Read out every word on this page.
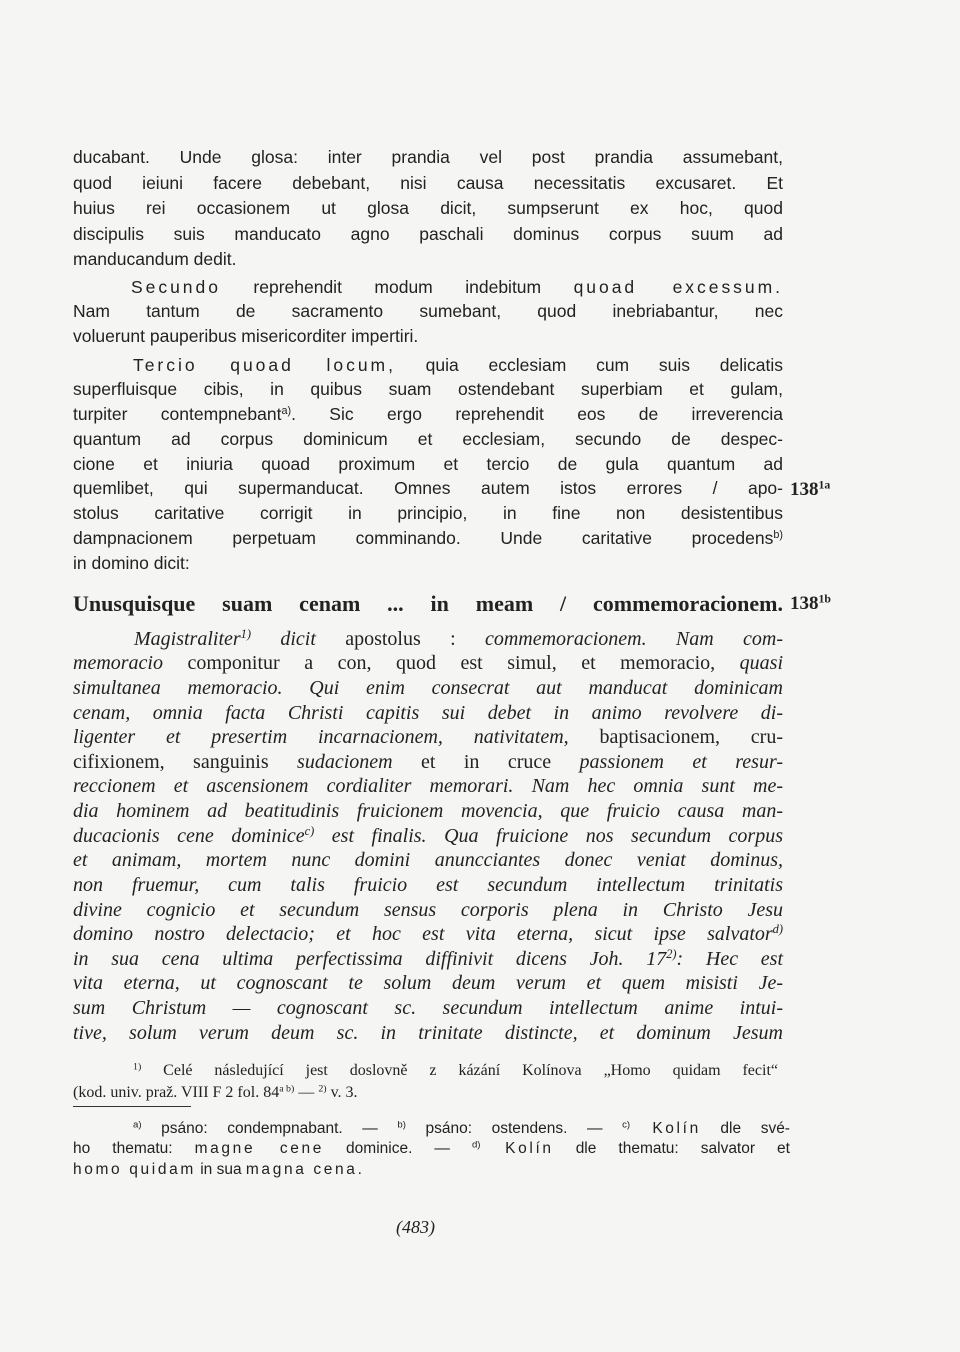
ducabant. Unde glosa: inter prandia vel post prandia assumebant,
quod ieiuni facere debebant, nisi causa necessitatis excusaret. Et
huius rei occasionem ut glosa dicit, sumpserunt ex hoc, quod
discipulis suis manducato agno paschali dominus corpus suum ad
manducandum dedit.
Secundo reprehendit modum indebitum quoad excessum.
Nam tantum de sacramento sumebant, quod inebriabantur, nec
voluerunt pauperibus misericorditer impertiri.
Tercio quoad locum, quia ecclesiam cum suis delicatis
superfluisque cibis, in quibus suam ostendebant superbiam et gulam,
turpiter contempnebant$^{a)}$. Sic ergo reprehendit eos de irreverencia
quantum ad corpus dominicum et ecclesiam, secundo de despec-
cione et iniuria quoad proximum et tercio de gula quantum ad
quemlibet, qui supermanducat. Omnes autem istos errores / apo-
stolus caritative corrigit in principio, in fine non desistentibus
dampnacionem perpetuam comminando. Unde caritative procedens$^{b)}$
in domino dicit:
$138^{1a}$
Unusquisque suam cenam ... in meam / commemoracionem. $138^{1b}$
Magistraliter$^{1)}$ dicit apostolus : commemoracionem. Nam com-
memoracio componitur a con, quod est simul, et memoracio, quasi
simultanea memoracio. Qui enim consecrat aut manducat dominicam
cenam, omnia facta Christi capitis sui debet in animo revolvere di-
ligenter et presertim incarnacionem, nativitatem, baptisacionem, cru-
cifixionem, sanguinis sudacionem et in cruce passionem et resur-
reccionem et ascensionem cordialiter memorari. Nam hec omnia sunt me-
dia hominem ad beatitudinis fruicionem movencia, que fruicio causa man-
ducacionis cene dominice$^{c)}$ est finalis. Qua fruicione nos secundum corpus
et animam, mortem nunc domini anuncciantes donec veniat dominus,
non fruemur, cum talis fruicio est secundum intellectum trinitatis
divine cognicio et secundum sensus corporis plena in Christo Jesu
domino nostro delectacio; et hoc est vita eterna, sicut ipse salvator$^{d)}$
in sua cena ultima perfectissima diffinivit dicens Joh. 17$^{2)}$: Hec est
vita eterna, ut cognoscant te solum deum verum et quem misisti Je-
sum Christum — cognoscant sc. secundum intellectum anime intui-
tive, solum verum deum sc. in trinitate distincte, et dominum Jesum
$^{1)}$ Celé následující jest doslovně z kázání Kolínova „Homo quidam fecit“
(kod. univ. praž. VIII F 2 fol. $84^{a b)}$ — $^{2)}$ v. 3.
$^{a)}$ psáno: condempnabant. — $^{b)}$ psáno: ostendens. — $^{c)}$ Kolín dle své-
ho thematu: magne cene dominice. — $^{d)}$ Kolín dle thematu: salvator et
homo quidam in sua magna cena.
(483)
